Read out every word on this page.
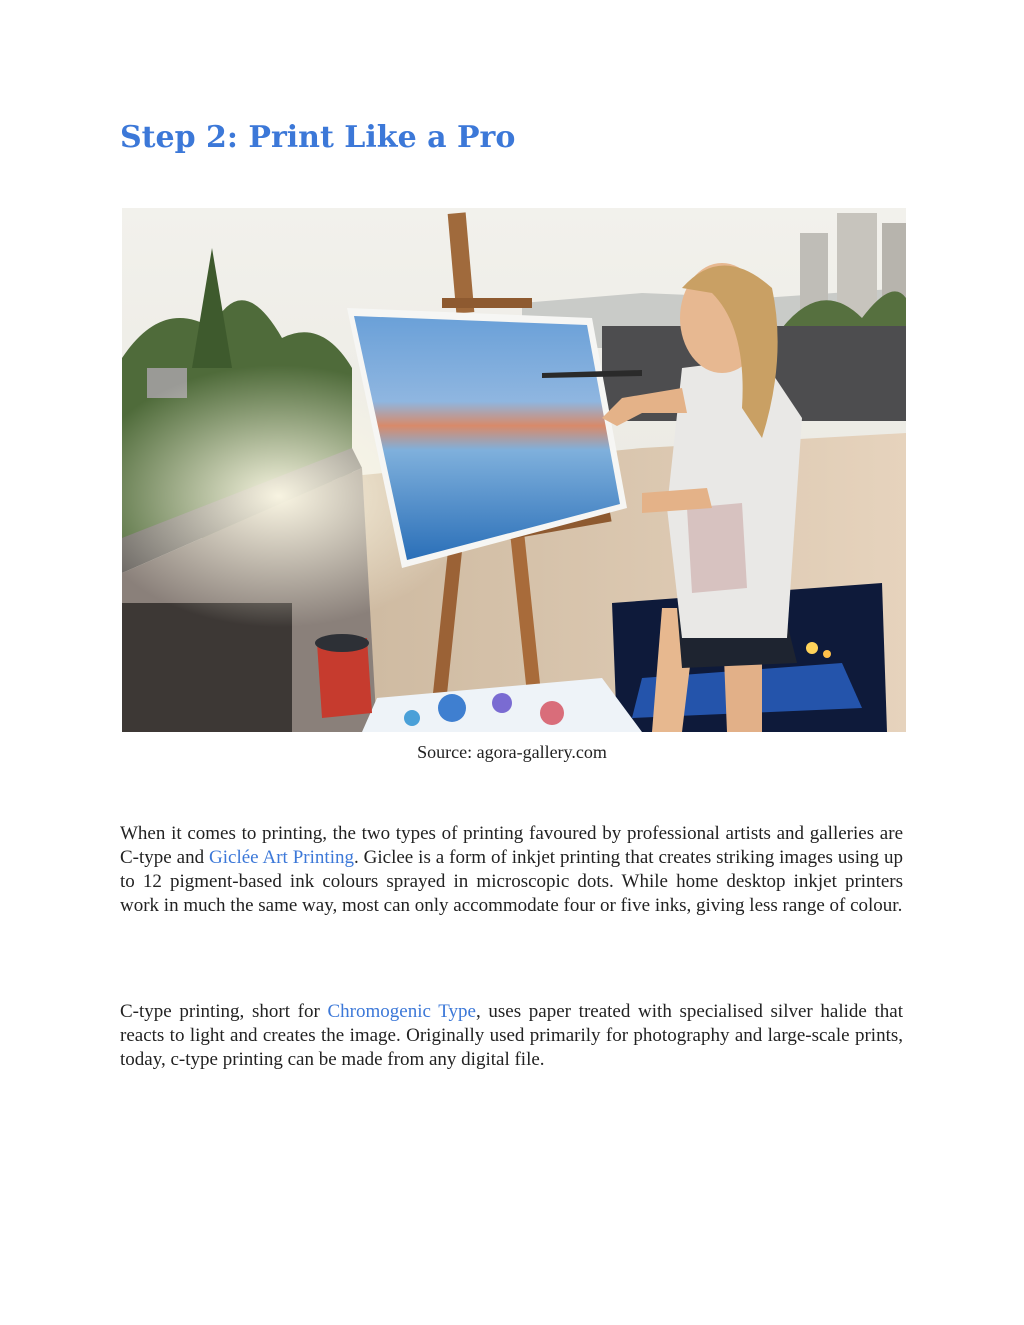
Step 2: Print Like a Pro
Source: agora-gallery.com

When it comes to printing, the two types of printing favoured by professional artists and galleries are C-type and Giclée Art Printing. Giclee is a form of inkjet printing that creates striking images using up to 12 pigment-based ink colours sprayed in microscopic dots. While home desktop inkjet printers work in much the same way, most can only accommodate four or five inks, giving less range of colour.

C-type printing, short for Chromogenic Type, uses paper treated with specialised silver halide that reacts to light and creates the image. Originally used primarily for photography and large-scale prints, today, c-type printing can be made from any digital file.
